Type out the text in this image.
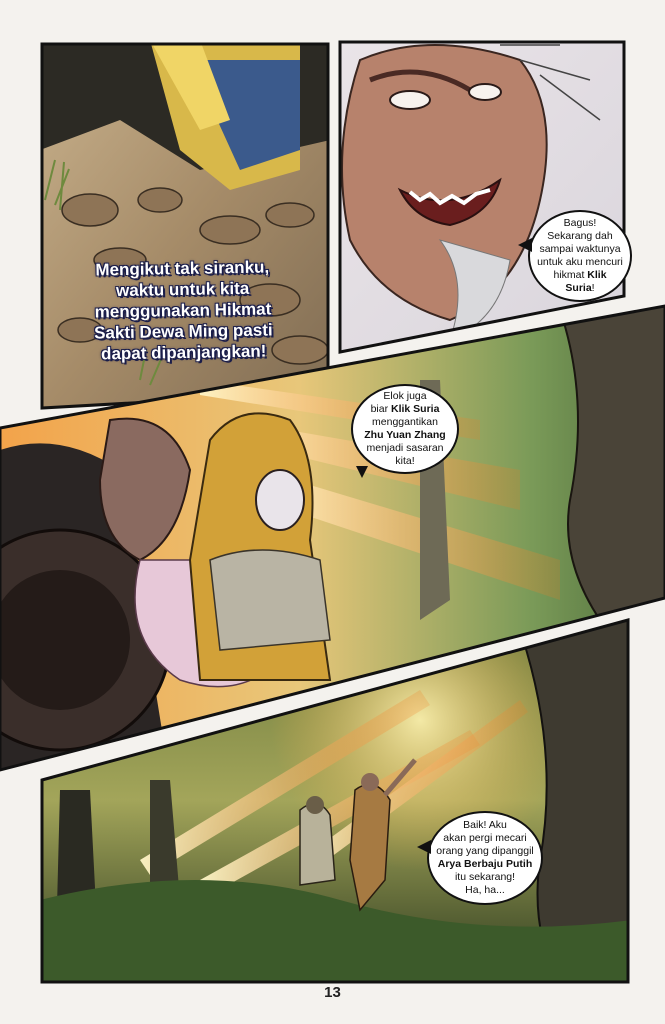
Mengikut tak siranku,
waktu untuk kita
menggunakan Hikmat
Sakti Dewa Ming pasti
dapat dipanjangkan!
Bagus!
Sekarang dah
sampai waktunya
untuk aku mencuri
hikmat Klik
Suria!
Elok juga
biar Klik Suria
menggantikan
Zhu Yuan Zhang
menjadi sasaran
kita!
Baik! Aku
akan pergi mecari
orang yang dipanggil
Arya Berbaju Putih
itu sekarang!
Ha, ha...
13
